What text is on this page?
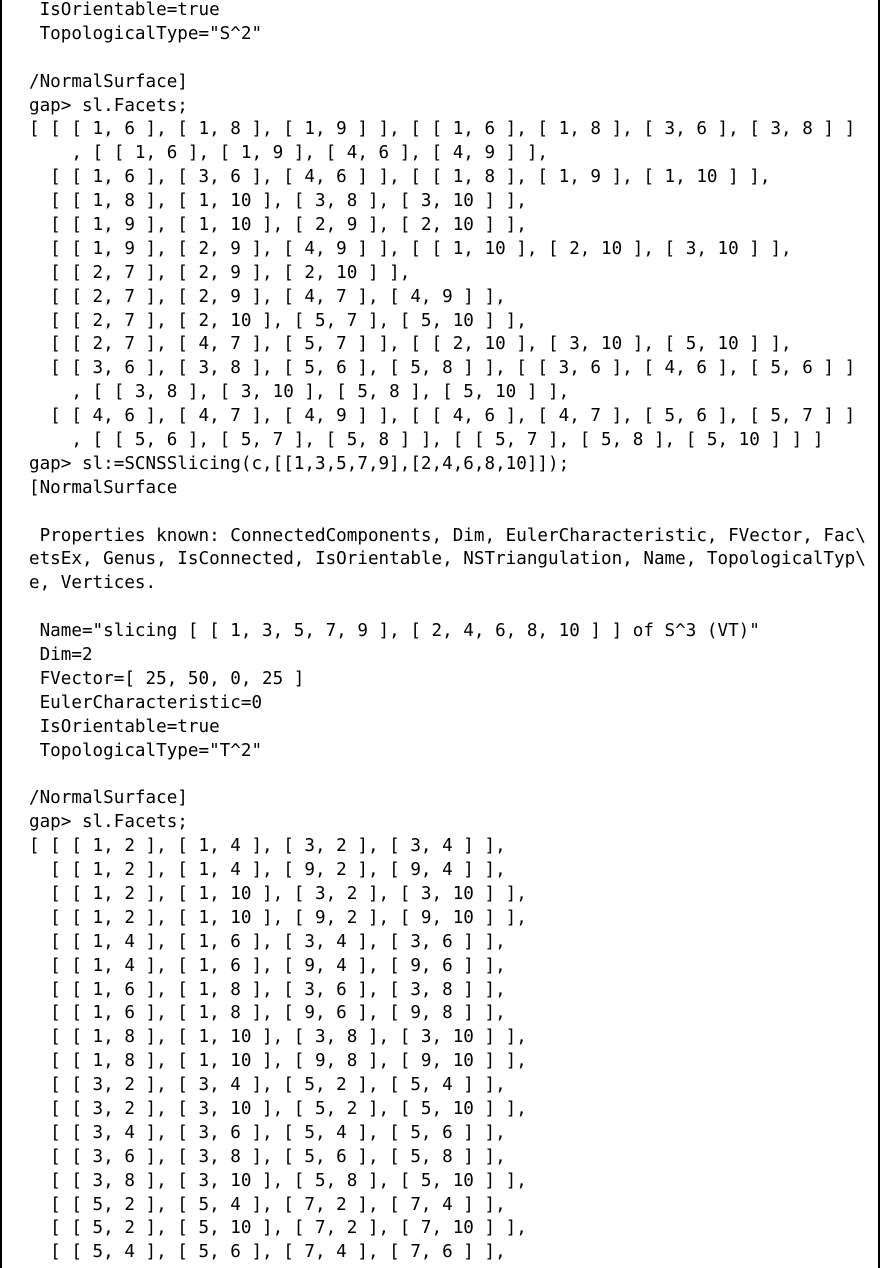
IsOrientable=true
TopologicalType="S^2"
/NormalSurface]
gap> sl.Facets;
[ [ [ 1, 6 ], [ 1, 8 ], [ 1, 9 ] ], [ [ 1, 6 ], [ 1, 8 ], [ 3, 6 ], [ 3, 8 ] ]
, [ [ 1, 6 ], [ 1, 9 ], [ 4, 6 ], [ 4, 9 ] ],
[ [ 1, 6 ], [ 3, 6 ], [ 4, 6 ] ], [ [ 1, 8 ], [ 1, 9 ], [ 1, 10 ] ],
[ [ 1, 8 ], [ 1, 10 ], [ 3, 8 ], [ 3, 10 ] ],
[ [ 1, 9 ], [ 1, 10 ], [ 2, 9 ], [ 2, 10 ] ],
[ [ 1, 9 ], [ 2, 9 ], [ 4, 9 ] ], [ [ 1, 10 ], [ 2, 10 ], [ 3, 10 ] ],
[ [ 2, 7 ], [ 2, 9 ], [ 2, 10 ] ],
[ [ 2, 7 ], [ 2, 9 ], [ 4, 7 ], [ 4, 9 ] ],
[ [ 2, 7 ], [ 2, 10 ], [ 5, 7 ], [ 5, 10 ] ],
[ [ 2, 7 ], [ 4, 7 ], [ 5, 7 ] ], [ [ 2, 10 ], [ 3, 10 ], [ 5, 10 ] ],
[ [ 3, 6 ], [ 3, 8 ], [ 5, 6 ], [ 5, 8 ] ], [ [ 3, 6 ], [ 4, 6 ], [ 5, 6 ] ]
, [ [ 3, 8 ], [ 3, 10 ], [ 5, 8 ], [ 5, 10 ] ],
[ [ 4, 6 ], [ 4, 7 ], [ 4, 9 ] ], [ [ 4, 6 ], [ 4, 7 ], [ 5, 6 ], [ 5, 7 ] ]
, [ [ 5, 6 ], [ 5, 7 ], [ 5, 8 ] ], [ [ 5, 7 ], [ 5, 8 ], [ 5, 10 ] ] ]
gap> sl:=SCNSSlicing(c,[[1,3,5,7,9],[2,4,6,8,10]]);
[NormalSurface
Properties known: ConnectedComponents, Dim, EulerCharacteristic, FVector, Fac\
etsEx, Genus, IsConnected, IsOrientable, NSTriangulation, Name, TopologicalTyp\
e, Vertices.
Name="slicing [ [ 1, 3, 5, 7, 9 ], [ 2, 4, 6, 8, 10 ] ] of S^3 (VT)"
Dim=2
FVector=[ 25, 50, 0, 25 ]
EulerCharacteristic=0
IsOrientable=true
TopologicalType="T^2"
/NormalSurface]
gap> sl.Facets;
[ [ [ 1, 2 ], [ 1, 4 ], [ 3, 2 ], [ 3, 4 ] ],
[ [ 1, 2 ], [ 1, 4 ], [ 9, 2 ], [ 9, 4 ] ],
[ [ 1, 2 ], [ 1, 10 ], [ 3, 2 ], [ 3, 10 ] ],
[ [ 1, 2 ], [ 1, 10 ], [ 9, 2 ], [ 9, 10 ] ],
[ [ 1, 4 ], [ 1, 6 ], [ 3, 4 ], [ 3, 6 ] ],
[ [ 1, 4 ], [ 1, 6 ], [ 9, 4 ], [ 9, 6 ] ],
[ [ 1, 6 ], [ 1, 8 ], [ 3, 6 ], [ 3, 8 ] ],
[ [ 1, 6 ], [ 1, 8 ], [ 9, 6 ], [ 9, 8 ] ],
[ [ 1, 8 ], [ 1, 10 ], [ 3, 8 ], [ 3, 10 ] ],
[ [ 1, 8 ], [ 1, 10 ], [ 9, 8 ], [ 9, 10 ] ],
[ [ 3, 2 ], [ 3, 4 ], [ 5, 2 ], [ 5, 4 ] ],
[ [ 3, 2 ], [ 3, 10 ], [ 5, 2 ], [ 5, 10 ] ],
[ [ 3, 4 ], [ 3, 6 ], [ 5, 4 ], [ 5, 6 ] ],
[ [ 3, 6 ], [ 3, 8 ], [ 5, 6 ], [ 5, 8 ] ],
[ [ 3, 8 ], [ 3, 10 ], [ 5, 8 ], [ 5, 10 ] ],
[ [ 5, 2 ], [ 5, 4 ], [ 7, 2 ], [ 7, 4 ] ],
[ [ 5, 2 ], [ 5, 10 ], [ 7, 2 ], [ 7, 10 ] ],
[ [ 5, 4 ], [ 5, 6 ], [ 7, 4 ], [ 7, 6 ] ],
